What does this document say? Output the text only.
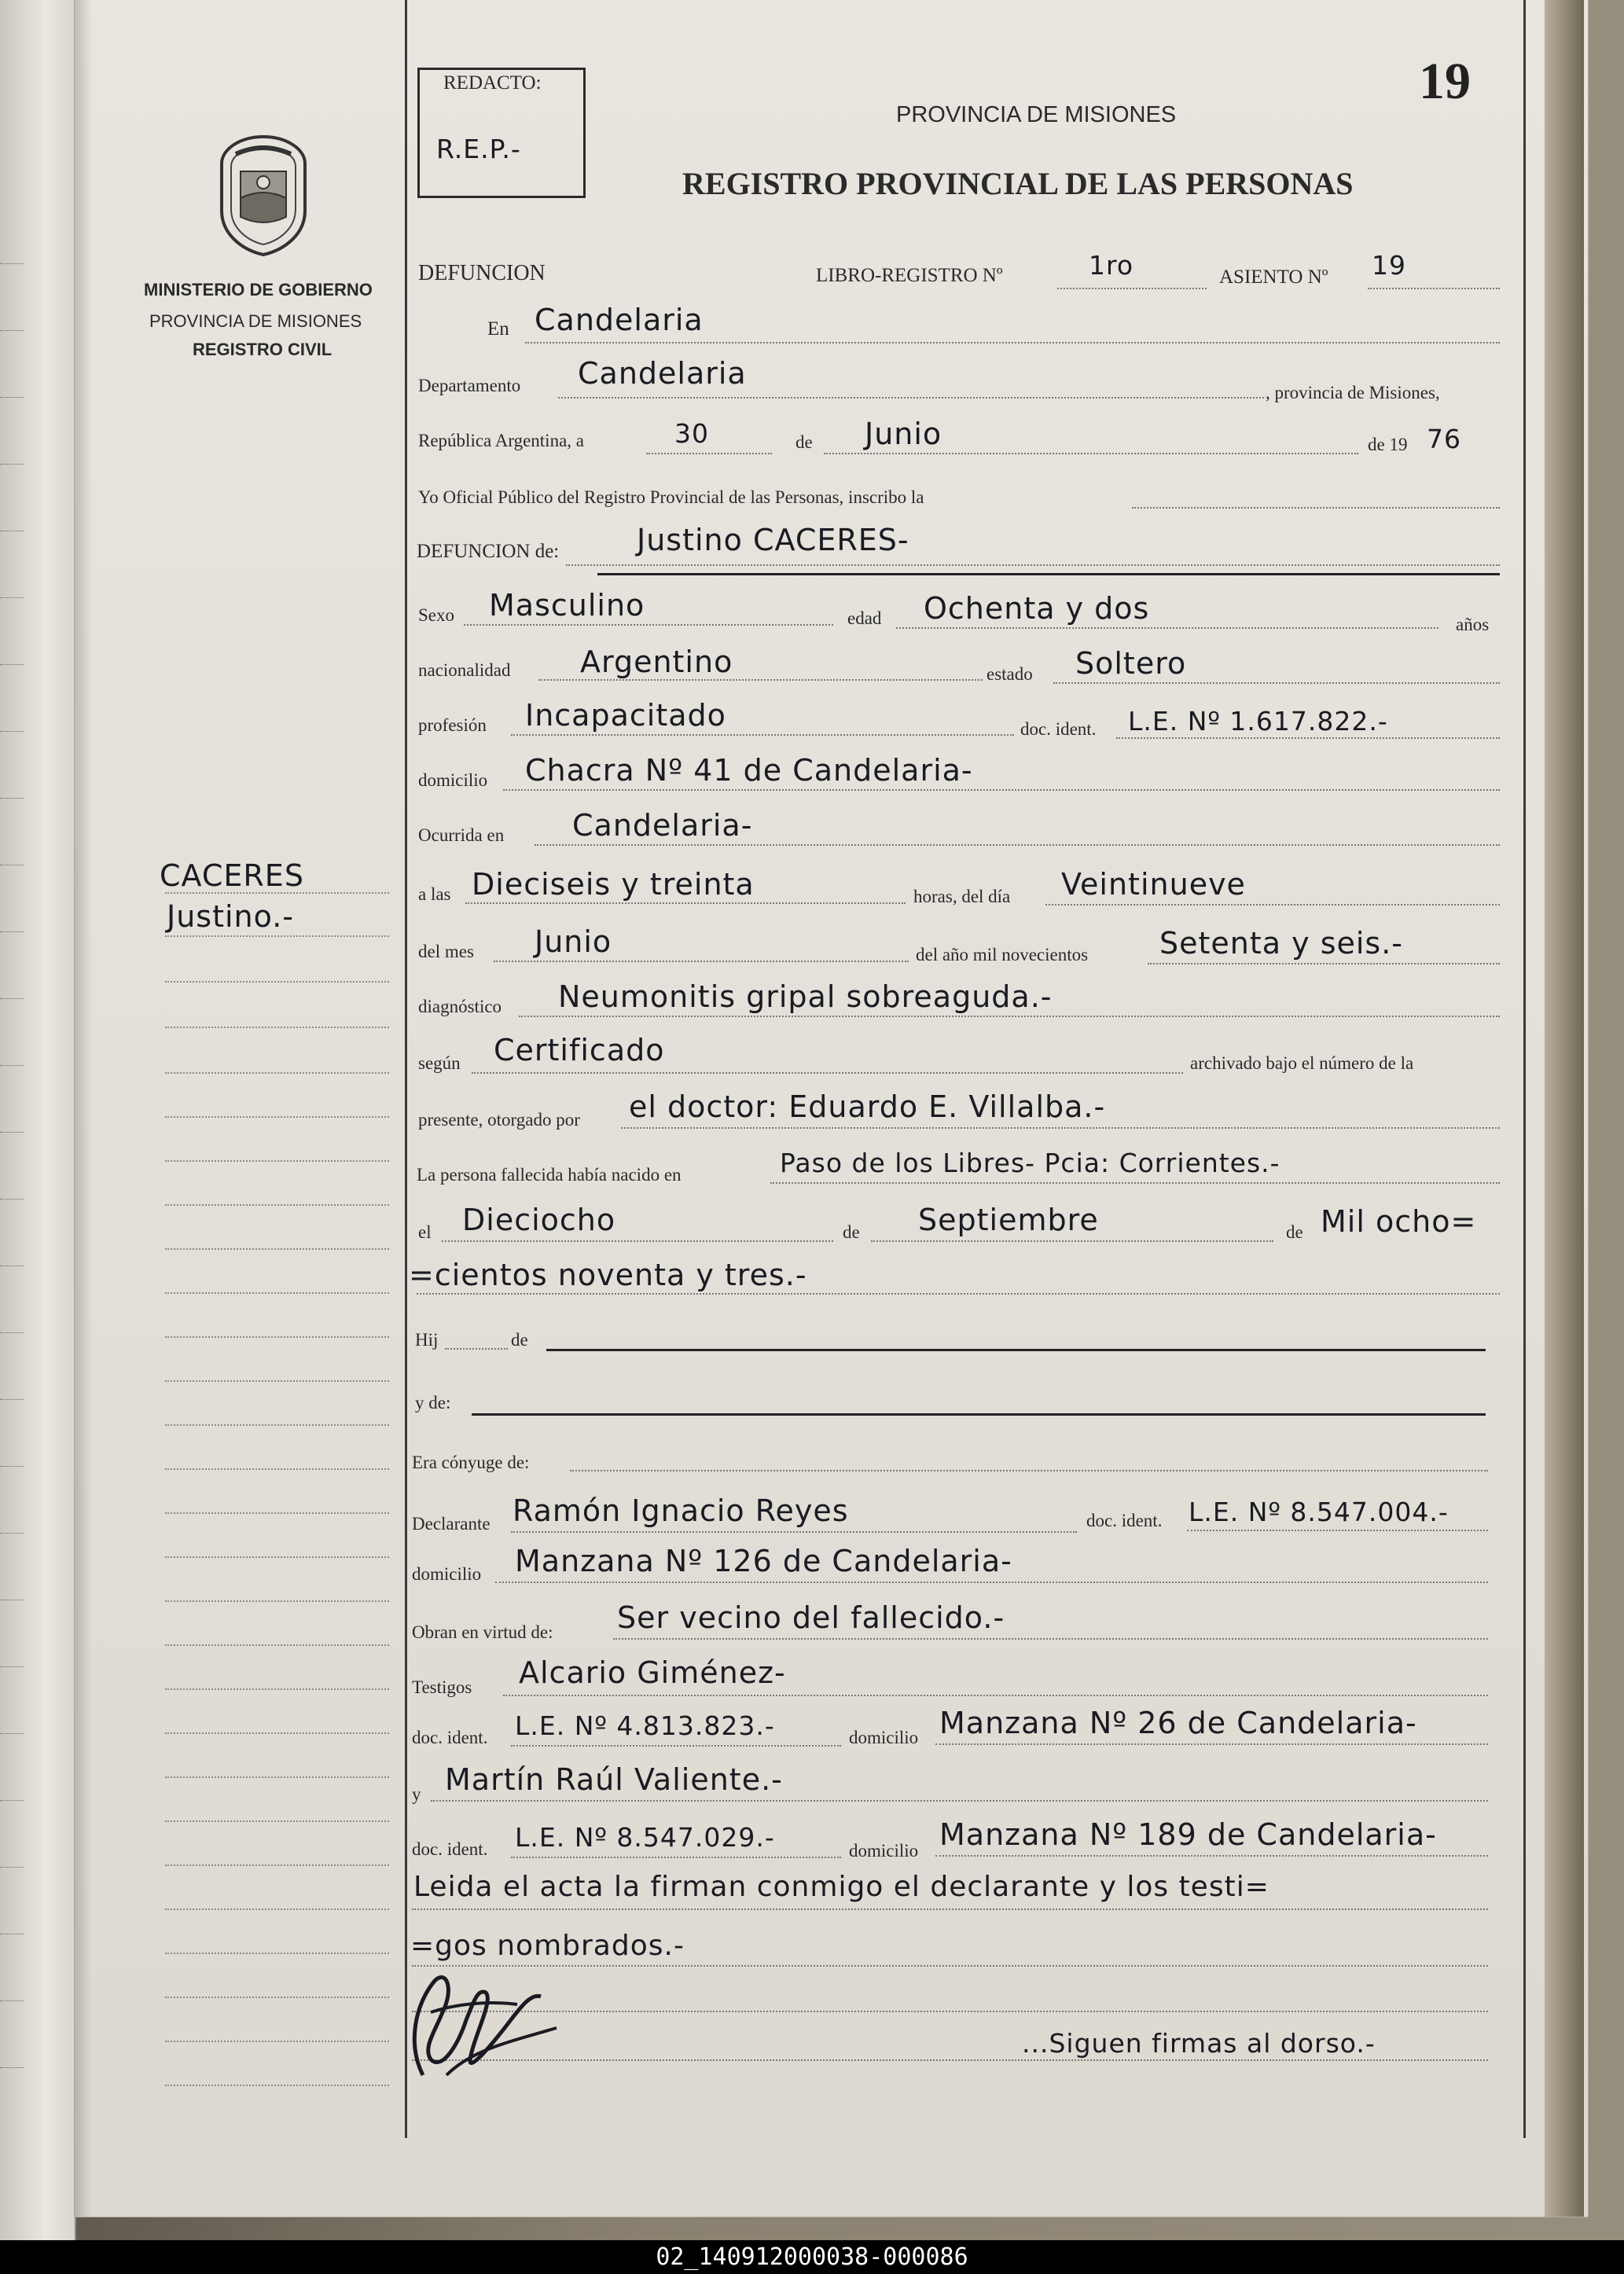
MINISTERIO DE GOBIERNO
PROVINCIA DE MISIONES
REGISTRO CIVIL
CACERES
Justino.-
REDACTO:
R.E.P.-
19
PROVINCIA DE MISIONES
REGISTRO PROVINCIAL DE LAS PERSONAS
DEFUNCION	LIBRO-REGISTRO Nº	1ro	ASIENTO Nº 19
En Candelaria
Departamento Candelaria
, provincia de Misiones,
República Argentina, a	30	de Junio	de 19 76
Yo Oficial Público del Registro Provincial de las Personas, inscribo la
DEFUNCION de:	Justino CACERES-
Sexo Masculino	edad Ochenta y dos	años
nacionalidad Argentino	estado Soltero
profesión Incapacitado	doc. ident. L.E. Nº 1.617.822.-
domicilio Chacra Nº 41 de Candelaria-
Ocurrida en Candelaria-
a las Dieciseis y treinta	horas, del día Veintinueve
del mes Junio	del año mil novecientos Setenta y seis.-
diagnóstico Neumonitis gripal sobreaguda.-
según Certificado	archivado bajo el número de la
presente, otorgado por el doctor: Eduardo E. Villalba.-
La persona fallecida había nacido en	Paso de los Libres- Pcia: Corrientes.-
el Dieciocho	de Septiembre	de Mil ocho=
=cientos noventa y tres.-
Hij	de
y de:
Era cónyuge de:
Declarante Ramón Ignacio Reyes	doc. ident. L.E. Nº 8.547.004.-
domicilio Manzana Nº 126 de Candelaria-
Obran en virtud de: Ser vecino del fallecido.-
Testigos Alcario Giménez-
doc. ident. L.E. Nº 4.813.823.-	domicilio Manzana Nº 26 de Candelaria-
y Martín Raúl Valiente.-
doc. ident. L.E. Nº 8.547.029.-	domicilio Manzana Nº 189 de Candelaria-
Leida el acta la firman conmigo el declarante y los testi=
=gos nombrados.-
...Siguen firmas al dorso.-
02_140912000038-000086
